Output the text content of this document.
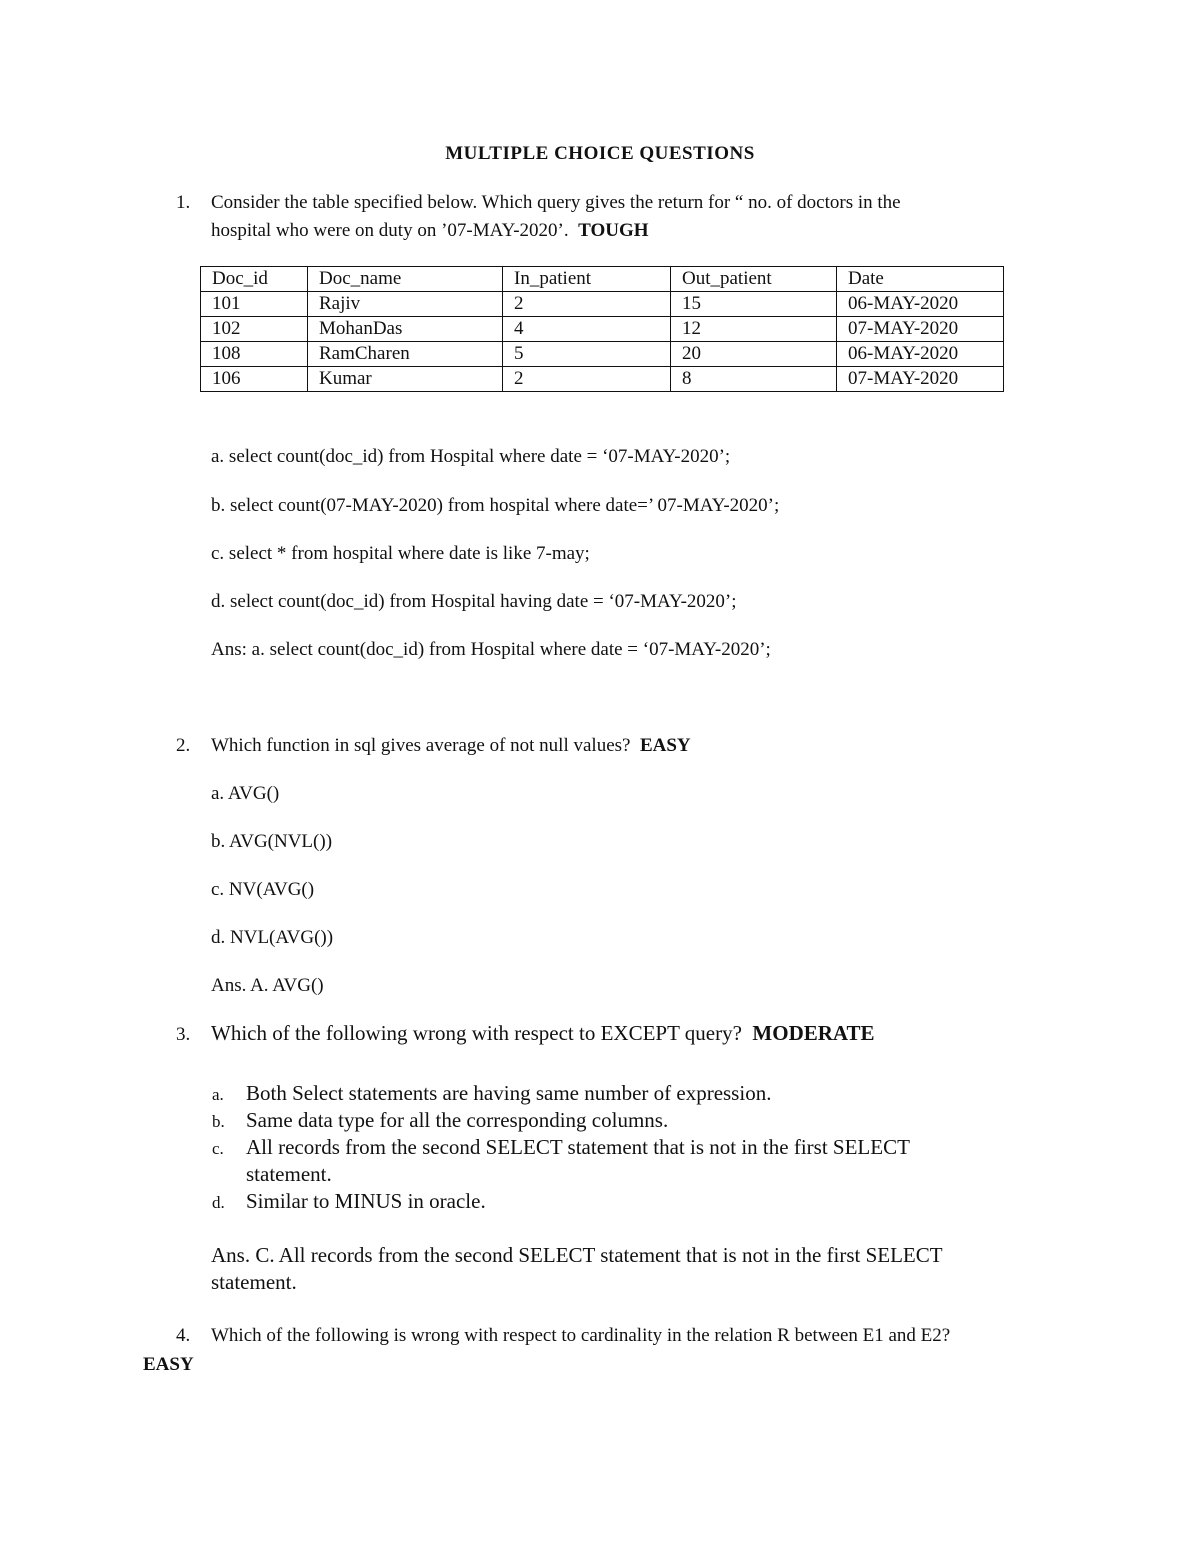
MULTIPLE CHOICE QUESTIONS
1. Consider the table specified below. Which query gives the return for “ no. of doctors in the
hospital who were on duty on ’07-MAY-2020’. TOUGH
Doc_id	Doc_name	In_patient	Out_patient	Date
101	Rajiv	2	15	06-MAY-2020
102	MohanDas	4	12	07-MAY-2020
108	RamCharen	5	20	06-MAY-2020
106	Kumar	2	8	07-MAY-2020
a. select count(doc_id) from Hospital where date = ‘07-MAY-2020’;
b. select count(07-MAY-2020) from hospital where date=’ 07-MAY-2020’;
c. select * from hospital where date is like 7-may;
d. select count(doc_id) from Hospital having date = ‘07-MAY-2020’;
Ans: a. select count(doc_id) from Hospital where date = ‘07-MAY-2020’;
2. Which function in sql gives average of not null values? EASY
a. AVG()
b. AVG(NVL())
c. NV(AVG()
d. NVL(AVG())
Ans. A. AVG()
3. Which of the following wrong with respect to EXCEPT query? MODERATE
a. Both Select statements are having same number of expression.
b. Same data type for all the corresponding columns.
c. All records from the second SELECT statement that is not in the first SELECT
statement.
d. Similar to MINUS in oracle.
Ans. C. All records from the second SELECT statement that is not in the first SELECT
statement.
4. Which of the following is wrong with respect to cardinality in the relation R between E1 and E2?
EASY
